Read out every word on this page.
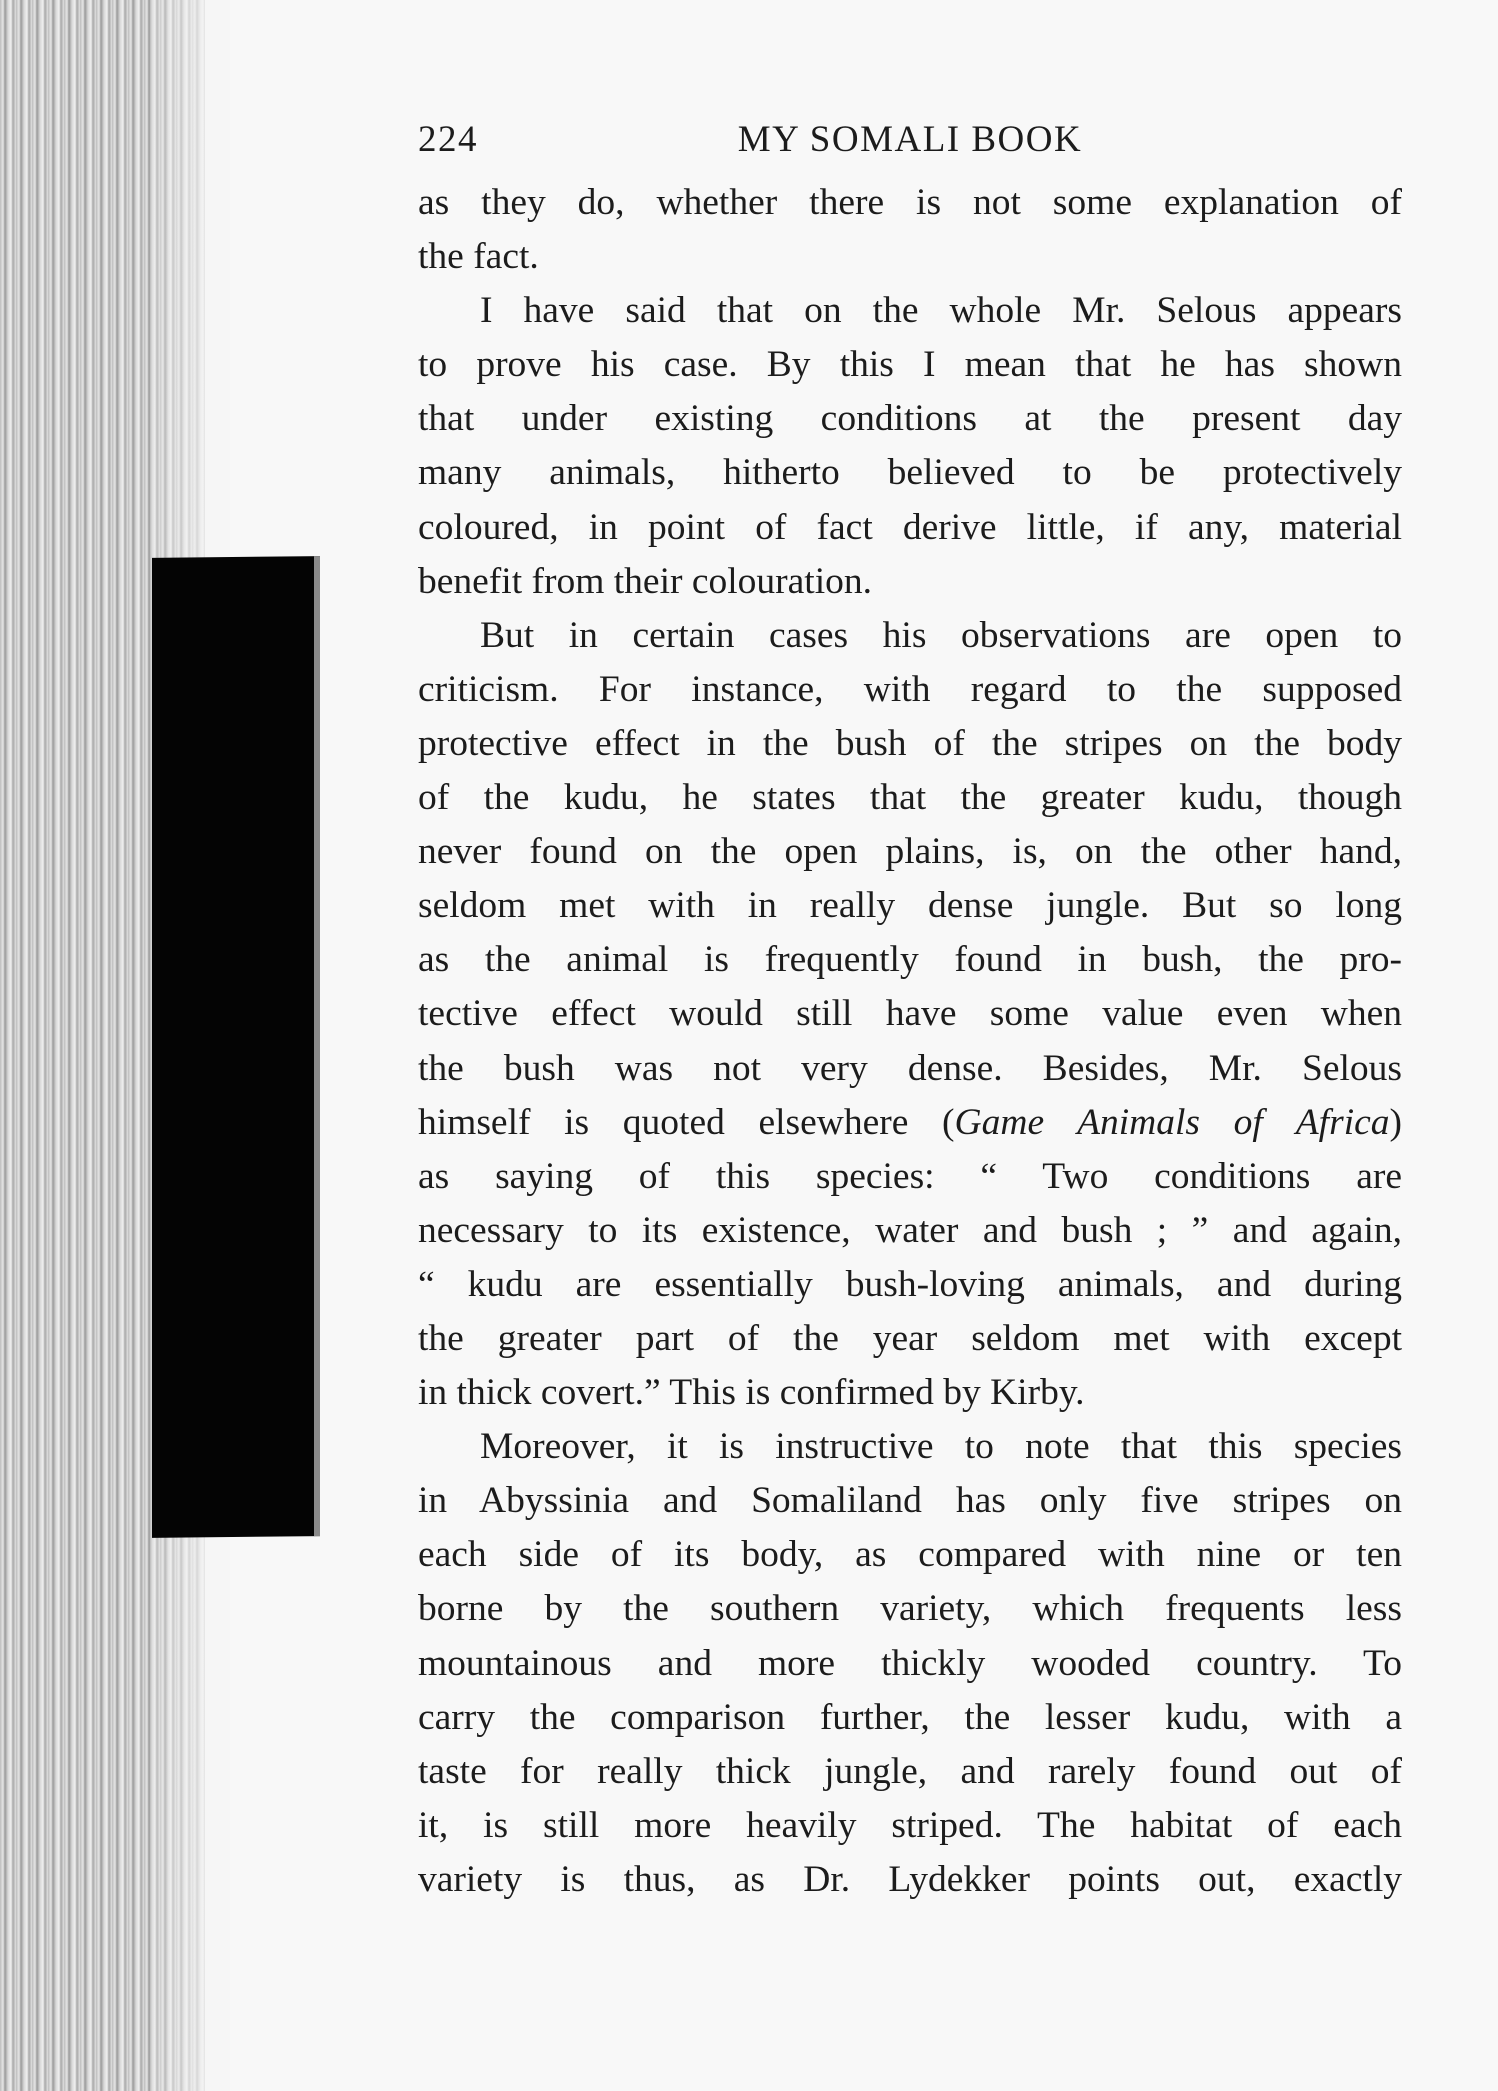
224	MY SOMALI BOOK
as they do, whether there is not some explanation of
the fact.
I have said that on the whole Mr. Selous appears
to prove his case. By this I mean that he has shown
that under existing conditions at the present day
many animals, hitherto believed to be protectively
coloured, in point of fact derive little, if any, material
benefit from their colouration.
But in certain cases his observations are open to
criticism. For instance, with regard to the supposed
protective effect in the bush of the stripes on the body
of the kudu, he states that the greater kudu, though
never found on the open plains, is, on the other hand,
seldom met with in really dense jungle. But so long
as the animal is frequently found in bush, the pro-
tective effect would still have some value even when
the bush was not very dense. Besides, Mr. Selous
himself is quoted elsewhere (Game Animals of Africa)
as saying of this species: “ Two conditions are
necessary to its existence, water and bush ; ” and again,
“ kudu are essentially bush-loving animals, and during
the greater part of the year seldom met with except
in thick covert.” This is confirmed by Kirby.
Moreover, it is instructive to note that this species
in Abyssinia and Somaliland has only five stripes on
each side of its body, as compared with nine or ten
borne by the southern variety, which frequents less
mountainous and more thickly wooded country. To
carry the comparison further, the lesser kudu, with a
taste for really thick jungle, and rarely found out of
it, is still more heavily striped. The habitat of each
variety is thus, as Dr. Lydekker points out, exactly
